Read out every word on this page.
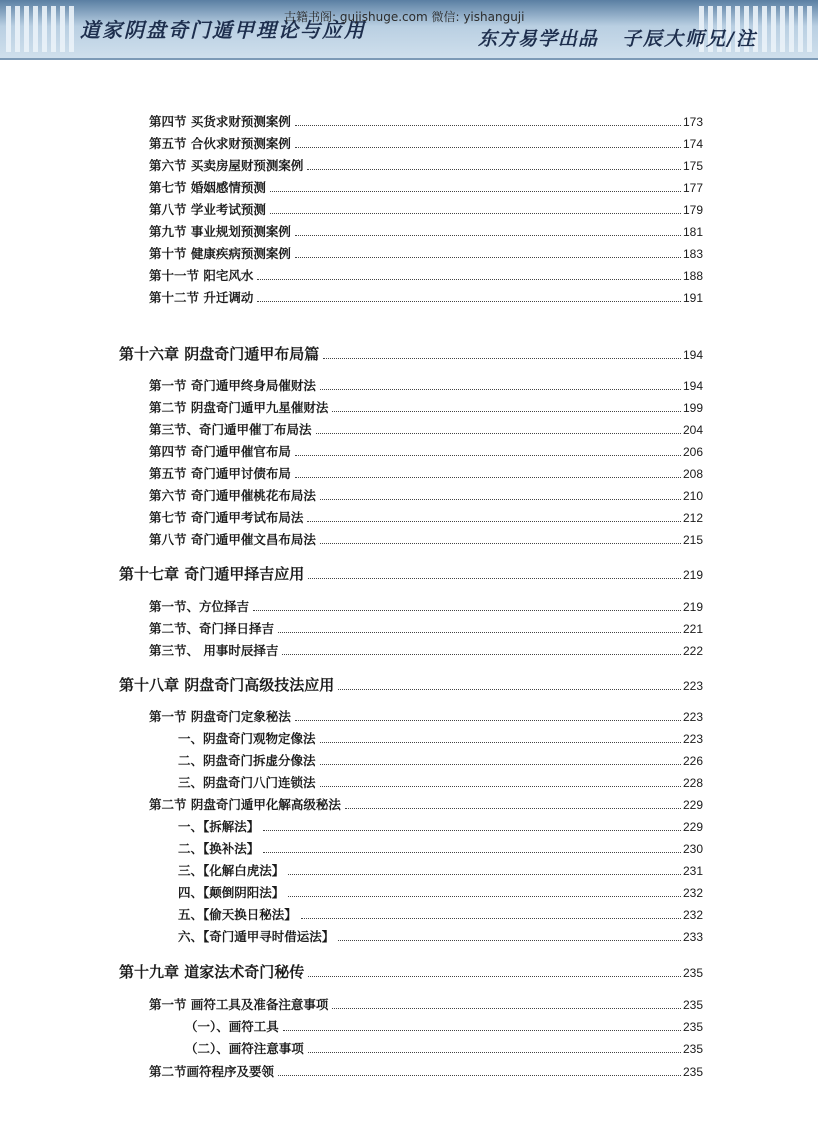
道家阴盘奇门遁甲理论与应用	东方易学出品 子辰大师兄/注
古籍书阁: gujishuge.com 微信: yishanguji
第四节 买货求财预测案例	173
第五节 合伙求财预测案例	174
第六节 买卖房屋财预测案例	175
第七节 婚姻感情预测	177
第八节 学业考试预测	179
第九节 事业规划预测案例	181
第十节 健康疾病预测案例	183
第十一节 阳宅风水	188
第十二节 升迁调动	191
第十六章 阴盘奇门遁甲布局篇	194
第一节 奇门遁甲终身局催财法	194
第二节 阴盘奇门遁甲九星催财法	199
第三节、奇门遁甲催丁布局法	204
第四节 奇门遁甲催官布局	206
第五节 奇门遁甲讨债布局	208
第六节 奇门遁甲催桃花布局法	210
第七节 奇门遁甲考试布局法	212
第八节 奇门遁甲催文昌布局法	215
第十七章 奇门遁甲择吉应用	219
第一节、方位择吉	219
第二节、奇门择日择吉	221
第三节、 用事时辰择吉	222
第十八章 阴盘奇门高级技法应用	223
第一节 阴盘奇门定象秘法	223
一、阴盘奇门观物定像法	223
二、阴盘奇门拆虚分像法	226
三、阴盘奇门八门连锁法	228
第二节 阴盘奇门遁甲化解高级秘法	229
一、【拆解法】	229
二、【换补法】	230
三、【化解白虎法】	231
四、【颠倒阴阳法】	232
五、【偷天换日秘法】	232
六、【奇门遁甲寻时借运法】	233
第十九章 道家法术奇门秘传	235
第一节 画符工具及准备注意事项	235
（一）、画符工具	235
（二）、画符注意事项	235
第二节画符程序及要领	235
